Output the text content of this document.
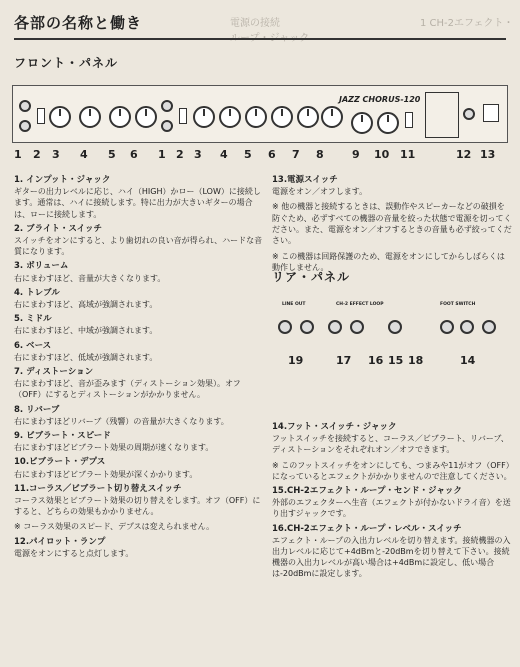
各部の名称と働き	電源の接続　　　　　　　　　　　　　　1 CH-2エフェクト・
フロント・パネル
JAZZ CHORUS-120
1 2 3 4 5 6 1 2 3 4 5 6 7 8	9 10 11	12 13
1. インプット・ジャック

ギターの出力レベルに応じ、ハイ（HIGH）かロー（LOW）に接続します。通常は、ハイに接続します。特に出力が大きいギターの場合は、ローに接続します。

2. ブライト・スイッチ

スイッチをオンにすると、より歯切れの良い音が得られ、ハードな音質になります。

3. ボリューム

右にまわすほど、音量が大きくなります。

4. トレブル

右にまわすほど、高域が強調されます。

5. ミドル

右にまわすほど、中域が強調されます。

6. ベース

右にまわすほど、低域が強調されます。

7. ディストーション

右にまわすほど、音が歪みます（ディストーション効果）。オフ（OFF）にするとディストーションがかかりません。

8. リバーブ

右にまわすほどリバーブ（残響）の音量が大きくなります。

9. ビブラート・スピード

右にまわすほどビブラート効果の周期が速くなります。

10.ビブラート・デプス

右にまわすほどビブラート効果が深くかかります。

11.コーラス／ビブラート切り替えスイッチ

コーラス効果とビブラート効果の切り替えをします。オフ（OFF）にすると、どちらの効果もかかりません。

※ コーラス効果のスピード、デプスは変えられません。

12.パイロット・ランプ

電源をオンにすると点灯します。

13.電源スイッチ

電源をオン／オフします。

※ 他の機器と接続するときは、誤動作やスピーカーなどの破損を防ぐため、必ずすべての機器の音量を絞った状態で電源を切ってください。また、電源をオン／オフするときの音量も必ず絞ってください。

※ この機器は回路保護のため、電源をオンにしてからしばらくは動作しません。

リア・パネル
LINE OUT	CH-2 EFFECT LOOP	FOOT SWITCH
19	17 16 15 18	14
14.フット・スイッチ・ジャック

フットスイッチを接続すると、コーラス／ビブラート、リバーブ、ディストーションをそれぞれオン／オフできます。

※ このフットスイッチをオンにしても、つまみや11がオフ（OFF）になっているとエフェクトがかかりませんので注意してください。

15.CH-2エフェクト・ループ・センド・ジャック

外部のエフェクターへ生音（エフェクトが付かないドライ音）を送り出すジャックです。

16.CH-2エフェクト・ループ・レベル・スイッチ

エフェクト・ループの入出力レベルを切り替えます。接続機器の入出力レベルに応じて+4dBmと-20dBmを切り替えて下さい。接続機器の入出力レベルが高い場合は+4dBmに設定し、低い場合は-20dBmに設定します。
